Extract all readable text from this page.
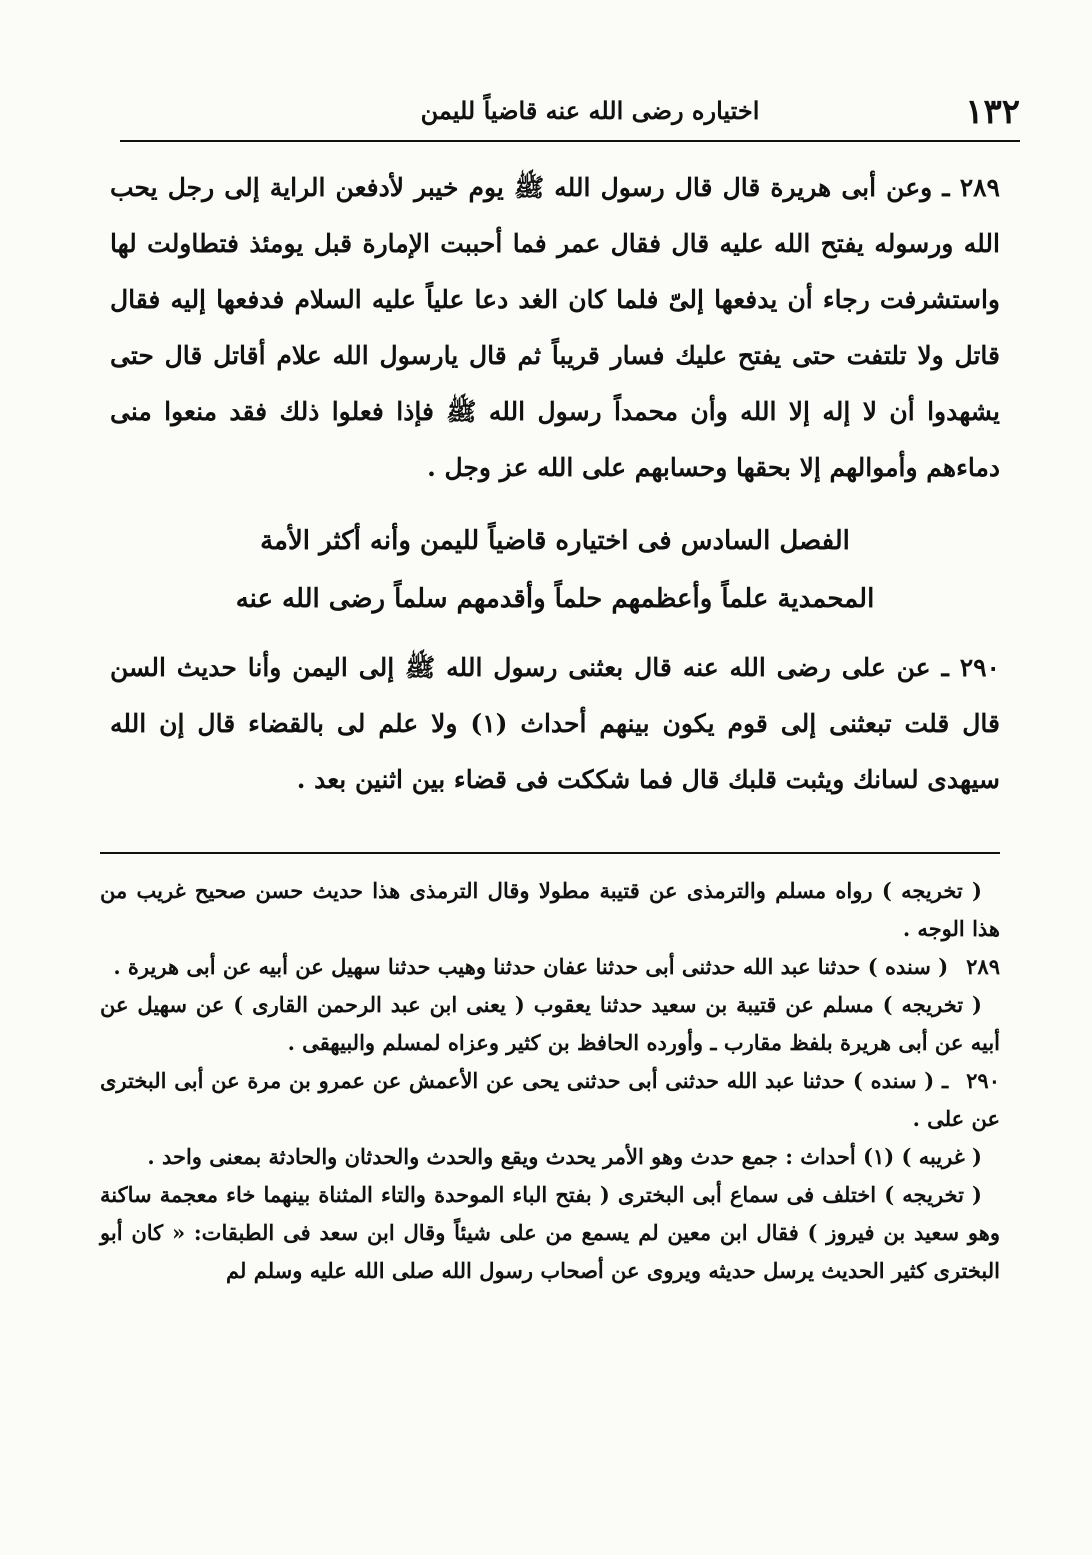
١٣٢
اختياره رضى الله عنه قاضياً لليمن

٢٨٩ ـ وعن أبى هريرة قال قال رسول الله ﷺ يوم خيبر لأدفعن الراية إلى رجل يحب الله ورسوله يفتح الله عليه قال فقال عمر فما أحببت الإمارة قبل يومئذ فتطاولت لها واستشرفت رجاء أن يدفعها إلىّ فلما كان الغد دعا علياً عليه السلام فدفعها إليه فقال قاتل ولا تلتفت حتى يفتح عليك فسار قريباً ثم قال يارسول الله علام أقاتل قال حتى يشهدوا أن لا إله إلا الله وأن محمداً رسول الله ﷺ فإذا فعلوا ذلك فقد منعوا منى دماءهم وأموالهم إلا بحقها وحسابهم على الله عز وجل .

الفصل السادس فى اختياره قاضياً لليمن وأنه أكثر الأمة
المحمدية علماً وأعظمهم حلماً وأقدمهم سلماً رضى الله عنه

٢٩٠ ـ عن على رضى الله عنه قال بعثنى رسول الله ﷺ إلى اليمن وأنا حديث السن قال قلت تبعثنى إلى قوم يكون بينهم أحداث (١) ولا علم لى بالقضاء قال إن الله سيهدى لسانك ويثبت قلبك قال فما شككت فى قضاء بين اثنين بعد .

( تخريجه ) رواه مسلم والترمذى عن قتيبة مطولا وقال الترمذى هذا حديث حسن صحيح غريب من هذا الوجه .

٢٨٩( سنده ) حدثنا عبد الله حدثنى أبى حدثنا عفان حدثنا وهيب حدثنا سهيل عن أبيه عن أبى هريرة .

( تخريجه ) مسلم عن قتيبة بن سعيد حدثنا يعقوب ( يعنى ابن عبد الرحمن القارى ) عن سهيل عن أبيه عن أبى هريرة بلفظ مقارب ـ وأورده الحافظ بن كثير وعزاه لمسلم والبيهقى .

٢٩٠ـ ( سنده ) حدثنا عبد الله حدثنى أبى حدثنى يحى عن الأعمش عن عمرو بن مرة عن أبى البخترى عن على .

( غريبه ) (١) أحداث : جمع حدث وهو الأمر يحدث ويقع والحدث والحدثان والحادثة بمعنى واحد .

( تخريجه ) اختلف فى سماع أبى البخترى ( بفتح الباء الموحدة والتاء المثناة بينهما خاء معجمة ساكنة وهو سعيد بن فيروز ) فقال ابن معين لم يسمع من على شيئاً وقال ابن سعد فى الطبقات: « كان أبو البخترى كثير الحديث يرسل حديثه ويروى عن أصحاب رسول الله صلى الله عليه وسلم لم
